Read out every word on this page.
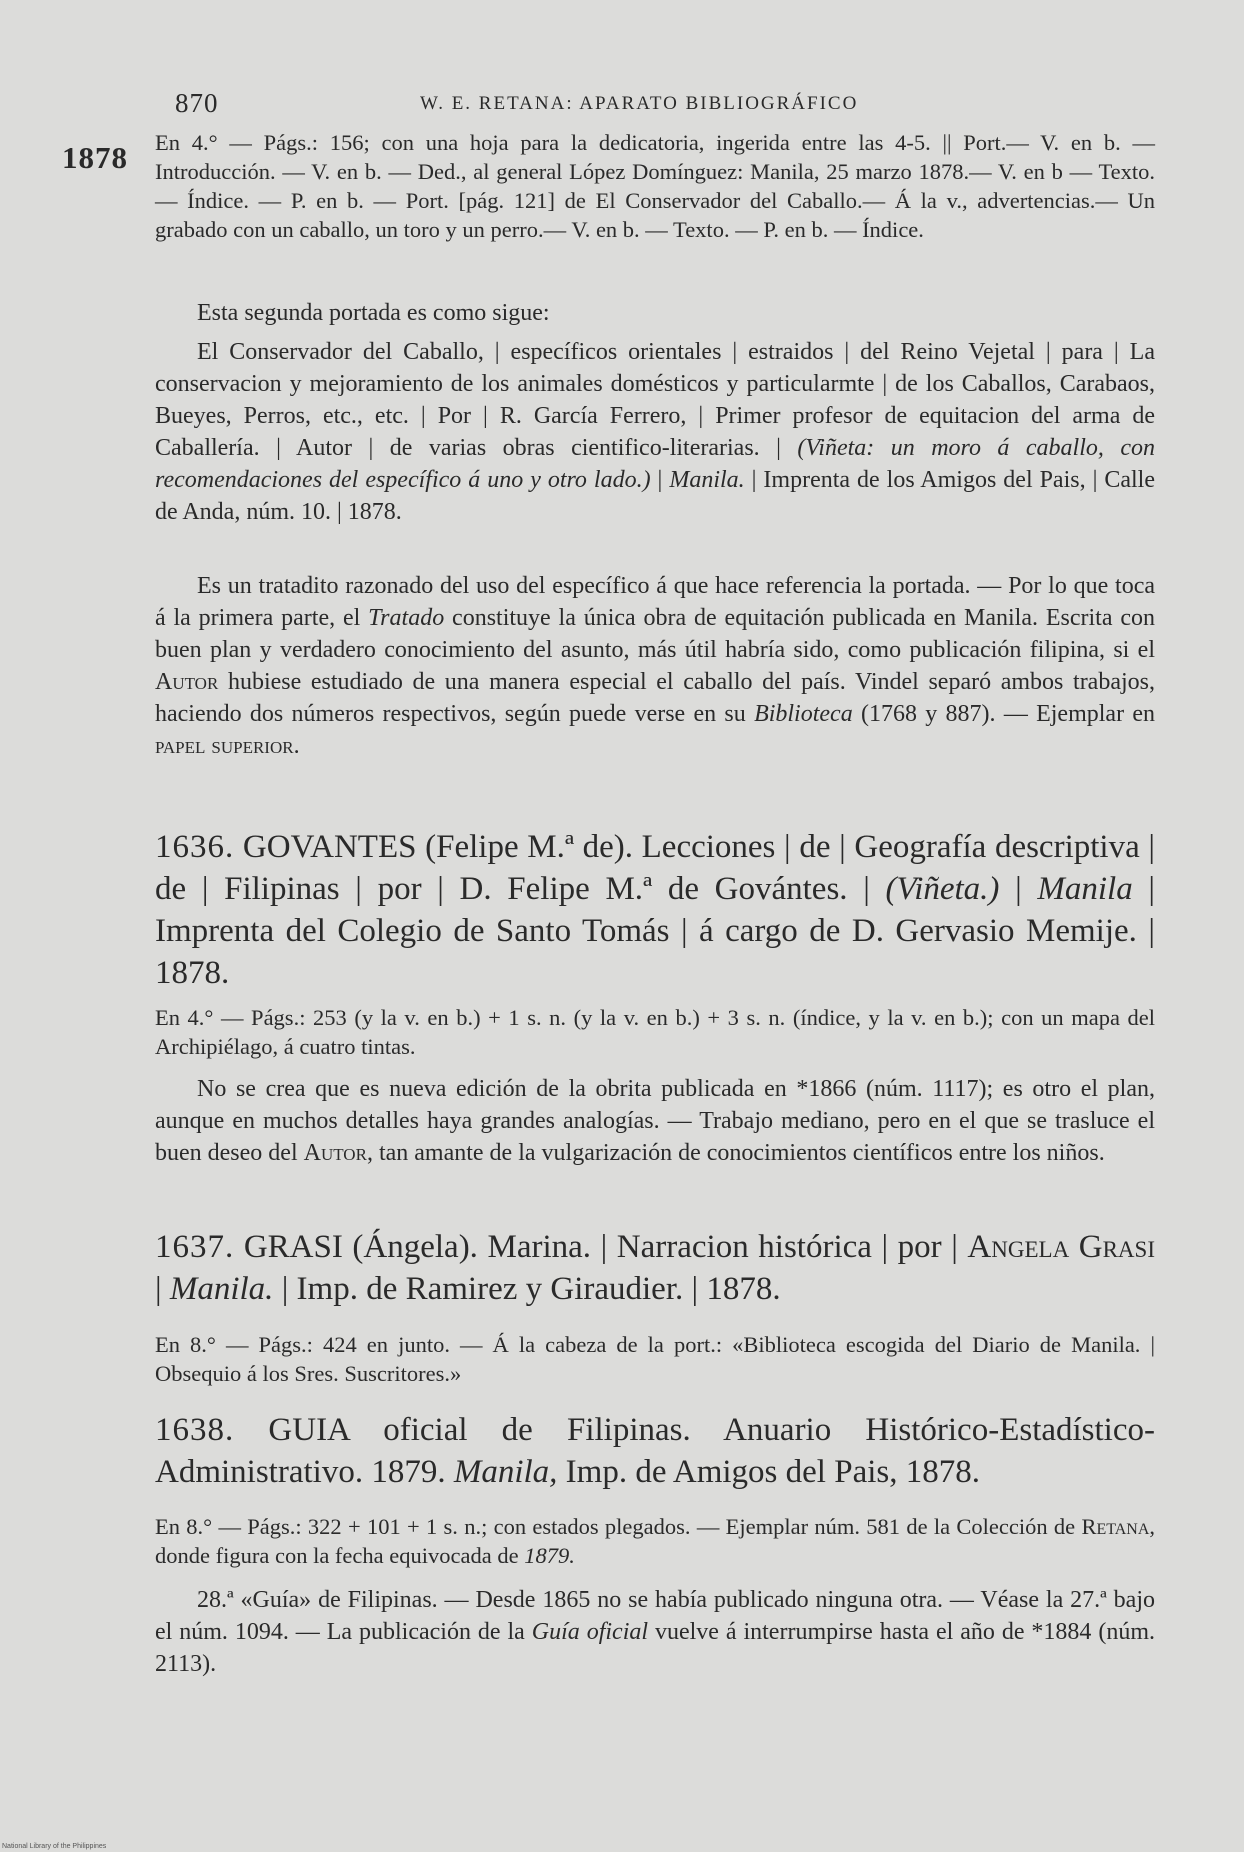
870	W. E. RETANA: APARATO BIBLIOGRÁFICO
1878 En 4.° — Págs.: 156; con una hoja para la dedicatoria, ingerida entre las 4-5. || Port.— V. en b. — Introducción. — V. en b. — Ded., al general López Domínguez: Manila, 25 marzo 1878.— V. en b — Texto.— Índice. — P. en b. — Port. [pág. 121] de El Conservador del Caballo.— Á la v., advertencias.— Un grabado con un caballo, un toro y un perro.— V. en b. — Texto. — P. en b. — Índice.

Esta segunda portada es como sigue:

El Conservador del Caballo, | específicos orientales | estraidos | del Reino Vejetal | para | La conservacion y mejoramiento de los animales domésticos y particularmte | de los Caballos, Carabaos, Bueyes, Perros, etc., etc. | Por | R. García Ferrero, | Primer profesor de equitacion del arma de Caballería. | Autor | de varias obras cientifico-literarias. | (Viñeta: un moro á caballo, con recomendaciones del específico á uno y otro lado.) | Manila. | Imprenta de los Amigos del Pais, | Calle de Anda, núm. 10. | 1878.

Es un tratadito razonado del uso del específico á que hace referencia la portada. — Por lo que toca á la primera parte, el Tratado constituye la única obra de equitación publicada en Manila. Escrita con buen plan y verdadero conocimiento del asunto, más útil habría sido, como publicación filipina, si el Autor hubiese estudiado de una manera especial el caballo del país. Vindel separó ambos trabajos, haciendo dos números respectivos, según puede verse en su Biblioteca (1768 y 887). — Ejemplar en papel superior.

1636. GOVANTES (Felipe M.ª de). Lecciones | de | Geografía descriptiva | de | Filipinas | por | D. Felipe M.ª de Govántes. | (Viñeta.) | Manila | Imprenta del Colegio de Santo Tomás | á cargo de D. Gervasio Memije. | 1878.

En 4.° — Págs.: 253 (y la v. en b.) + 1 s. n. (y la v. en b.) + 3 s. n. (índice, y la v. en b.); con un mapa del Archipiélago, á cuatro tintas.

No se crea que es nueva edición de la obrita publicada en *1866 (núm. 1117); es otro el plan, aunque en muchos detalles haya grandes analogías. — Trabajo mediano, pero en el que se trasluce el buen deseo del Autor, tan amante de la vulgarización de conocimientos científicos entre los niños.

1637. GRASI (Ángela). Marina. | Narracion histórica | por | Angela Grasi | Manila. | Imp. de Ramirez y Giraudier. | 1878.

En 8.° — Págs.: 424 en junto. — Á la cabeza de la port.: «Biblioteca escogida del Diario de Manila. | Obsequio á los Sres. Suscritores.»

1638. GUIA oficial de Filipinas. Anuario Histórico-Estadístico-Administrativo. 1879. Manila, Imp. de Amigos del Pais, 1878.

En 8.° — Págs.: 322 + 101 + 1 s. n.; con estados plegados. — Ejemplar núm. 581 de la Colección de Retana, donde figura con la fecha equivocada de 1879.

28.ª «Guía» de Filipinas. — Desde 1865 no se había publicado ninguna otra. — Véase la 27.ª bajo el núm. 1094. — La publicación de la Guía oficial vuelve á interrumpirse hasta el año de *1884 (núm. 2113).

National Library of the Philippines
